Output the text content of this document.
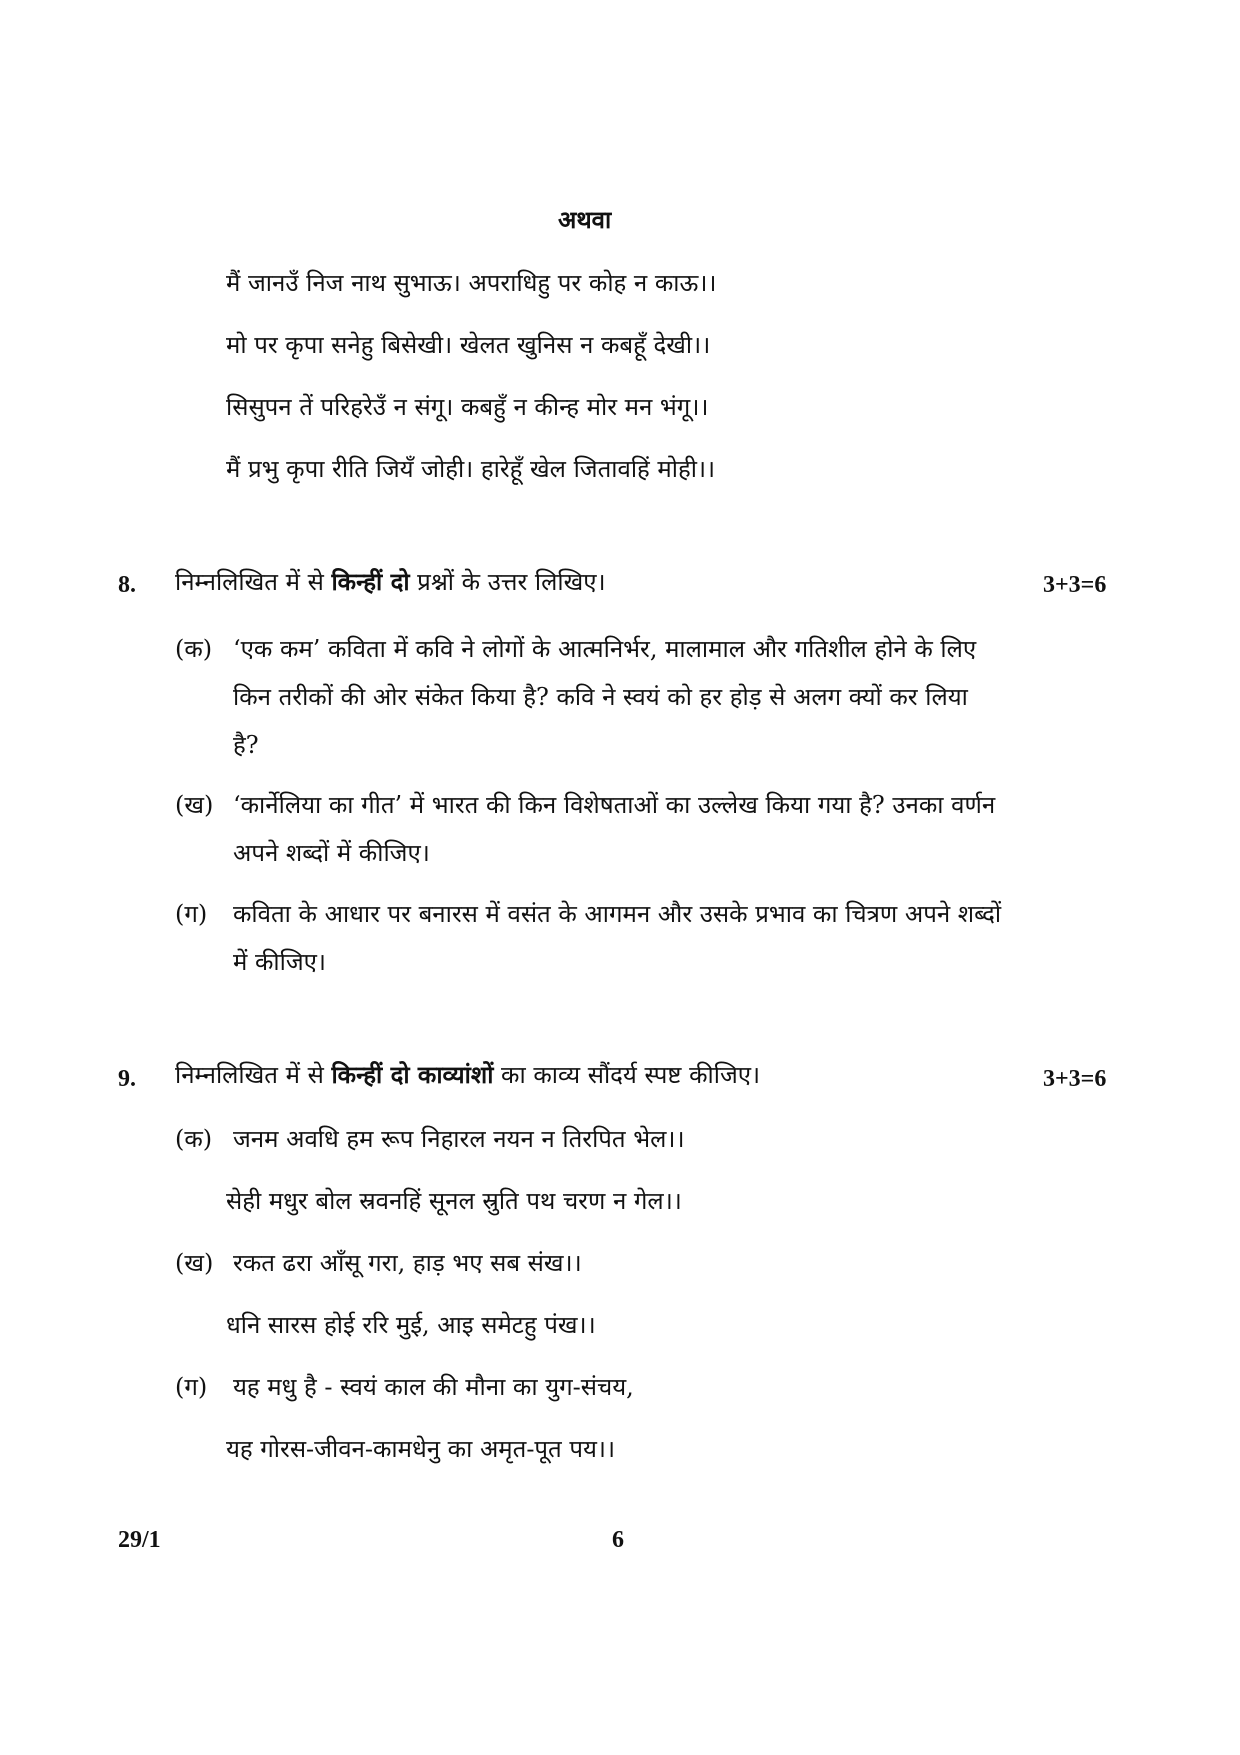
अथवा
मैं जानउँ निज नाथ सुभाऊ। अपराधिहु पर कोह न काऊ।।
मो पर कृपा सनेहु बिसेखी। खेलत खुनिस न कबहूँ देखी।।
सिसुपन तें परिहरेउँ न संगू। कबहुँ न कीन्ह मोर मन भंगू।।
मैं प्रभु कृपा रीति जियँ जोही। हारेहूँ खेल जितावहिं मोही।।
8. निम्नलिखित में से किन्हीं दो प्रश्नों के उत्तर लिखिए।	3+3=6
(क) ‘एक कम’ कविता में कवि ने लोगों के आत्मनिर्भर, मालामाल और गतिशील होने के लिए
किन तरीकों की ओर संकेत किया है? कवि ने स्वयं को हर होड़ से अलग क्यों कर लिया
है?
(ख) ‘कार्नेलिया का गीत’ में भारत की किन विशेषताओं का उल्लेख किया गया है? उनका वर्णन
अपने शब्दों में कीजिए।
(ग) कविता के आधार पर बनारस में वसंत के आगमन और उसके प्रभाव का चित्रण अपने शब्दों
में कीजिए।
9. निम्नलिखित में से किन्हीं दो काव्यांशों का काव्य सौंदर्य स्पष्ट कीजिए।	3+3=6
(क) जनम अवधि हम रूप निहारल नयन न तिरपित भेल।।
सेही मधुर बोल स्रवनहिं सूनल स्रुति पथ चरण न गेल।।
(ख) रकत ढरा आँसू गरा, हाड़ भए सब संख।।
धनि सारस होई ररि मुई, आइ समेटहु पंख।।
(ग) यह मधु है - स्वयं काल की मौना का युग-संचय,
यह गोरस-जीवन-कामधेनु का अमृत-पूत पय।।
29/1	6
